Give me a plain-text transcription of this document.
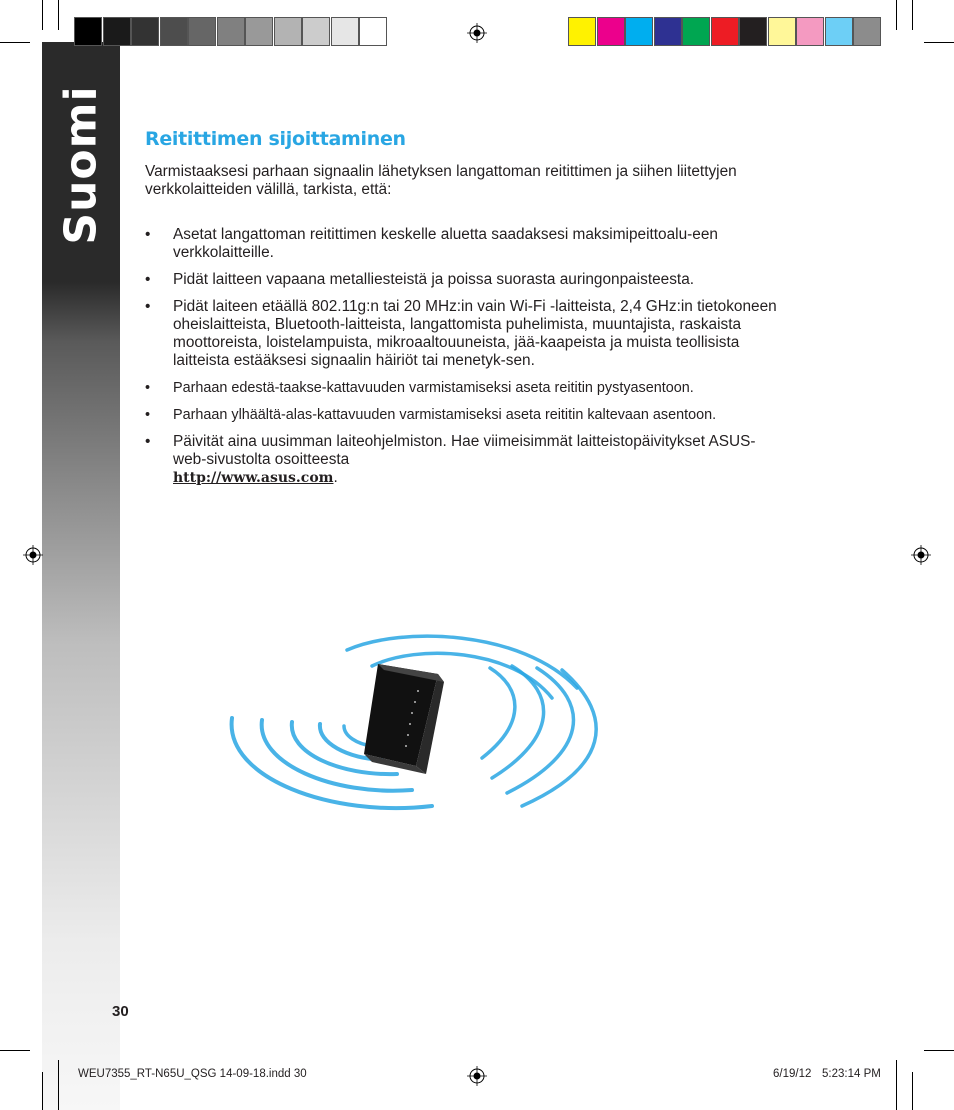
Suomi Reitittimen sijoittaminen
Varmistaaksesi parhaan signaalin lähetyksen langattoman reitittimen ja siihen liitettyjen verkkolaitteiden välillä, tarkista, että:
• Asetat langattoman reitittimen keskelle aluetta saadaksesi maksimipeittoalu-een verkkolaitteille.
• Pidät laitteen vapaana metalliesteistä ja poissa suorasta auringonpaisteesta.
• Pidät laiteen etäällä 802.11g:n tai 20 MHz:in vain Wi-Fi -laitteista, 2,4 GHz:in tietokoneen oheislaitteista, Bluetooth-laitteista, langattomista puhelimista, muuntajista, raskaista moottoreista, loistelampuista, mikroaaltouuneista, jää-kaapeista ja muista teollisista laitteista estääksesi signaalin häiriöt tai menetyk-sen.
• Parhaan edestä-taakse-kattavuuden varmistamiseksi aseta reititin pystyasentoon.
• Parhaan ylhäältä-alas-kattavuuden varmistamiseksi aseta reititin kaltevaan asentoon.
• Päivität aina uusimman laiteohjelmiston. Hae viimeisimmät laitteistopäivitykset ASUS-web-sivustolta osoitteesta
http://www.asus.com.
30
WEU7355_RT-N65U_QSG 14-09-18.indd 30	6/19/12 5:23:14 PM
